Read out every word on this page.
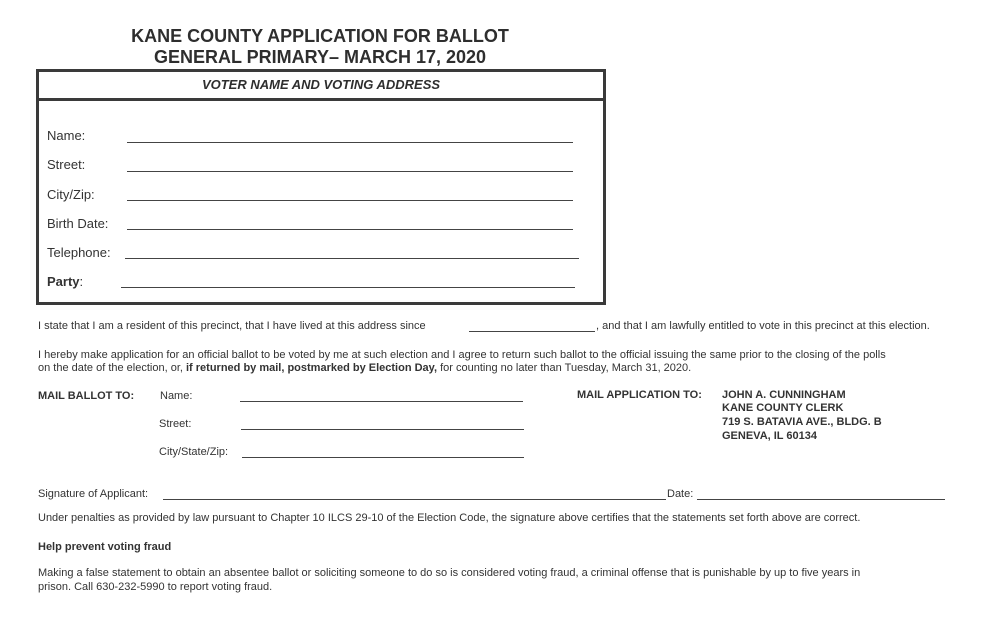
KANE COUNTY APPLICATION FOR BALLOT
GENERAL PRIMARY– MARCH 17, 2020
VOTER NAME AND VOTING ADDRESS
Name:
Street:
City/Zip:
Birth Date:
Telephone:
Party:
I state that I am a resident of this precinct, that I have lived at this address since	, and that I am lawfully entitled to vote in this precinct at this election.
I hereby make application for an official ballot to be voted by me at such election and I agree to return such ballot to the official issuing the same prior to the closing of the polls
on the date of the election, or, if returned by mail, postmarked by Election Day, for counting no later than Tuesday, March 31, 2020.
MAIL BALLOT TO: Name:
Street:
City/State/Zip:
MAIL APPLICATION TO: JOHN A. CUNNINGHAM
KANE COUNTY CLERK
719 S. BATAVIA AVE., BLDG. B
GENEVA, IL 60134
Signature of Applicant:	Date:
Under penalties as provided by law pursuant to Chapter 10 ILCS 29-10 of the Election Code, the signature above certifies that the statements set forth above are correct.
Help prevent voting fraud
Making a false statement to obtain an absentee ballot or soliciting someone to do so is considered voting fraud, a criminal offense that is punishable by up to five years in
prison. Call 630-232-5990 to report voting fraud.
